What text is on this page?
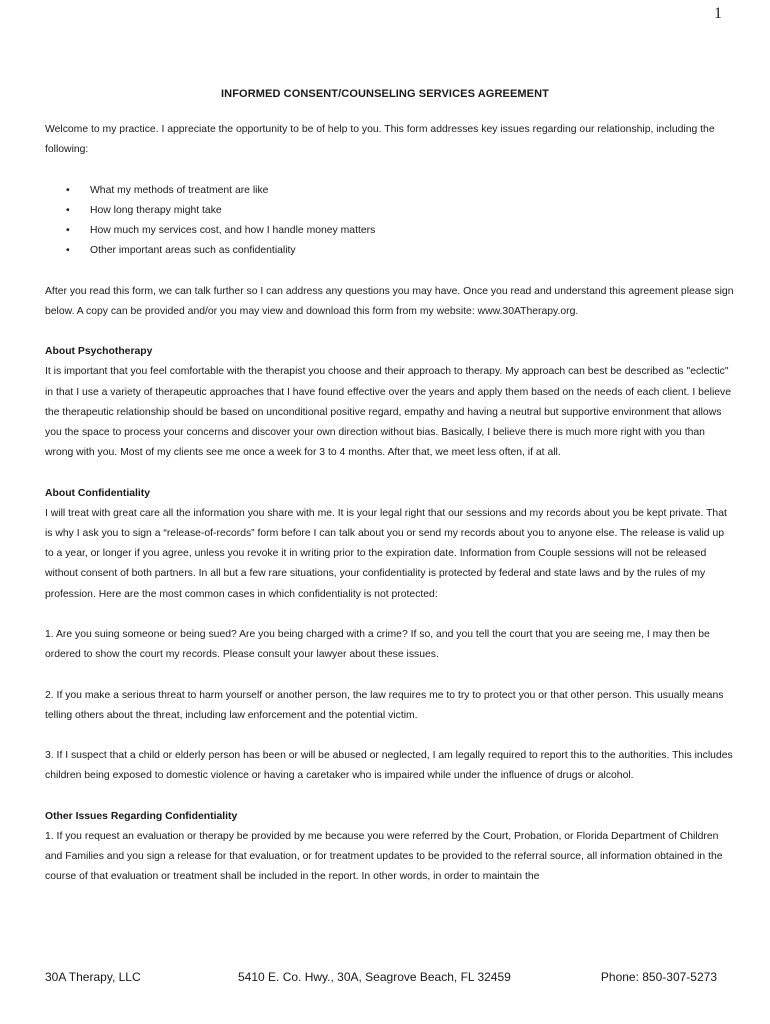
1
INFORMED CONSENT/COUNSELING SERVICES AGREEMENT

Welcome to my practice. I appreciate the opportunity to be of help to you. This form addresses key issues regarding our relationship, including the following:

• What my methods of treatment are like
• How long therapy might take
• How much my services cost, and how I handle money matters
• Other important areas such as confidentiality

After you read this form, we can talk further so I can address any questions you may have. Once you read and understand this agreement please sign below. A copy can be provided and/or you may view and download this form from my website: www.30ATherapy.org.

About Psychotherapy

It is important that you feel comfortable with the therapist you choose and their approach to therapy. My approach can best be described as "eclectic" in that I use a variety of therapeutic approaches that I have found effective over the years and apply them based on the needs of each client. I believe the therapeutic relationship should be based on unconditional positive regard, empathy and having a neutral but supportive environment that allows you the space to process your concerns and discover your own direction without bias. Basically, I believe there is much more right with you than wrong with you. Most of my clients see me once a week for 3 to 4 months. After that, we meet less often, if at all.

About Confidentiality

I will treat with great care all the information you share with me. It is your legal right that our sessions and my records about you be kept private. That is why I ask you to sign a “release-of-records” form before I can talk about you or send my records about you to anyone else. The release is valid up to a year, or longer if you agree, unless you revoke it in writing prior to the expiration date. Information from Couple sessions will not be released without consent of both partners. In all but a few rare situations, your confidentiality is protected by federal and state laws and by the rules of my profession. Here are the most common cases in which confidentiality is not protected:

1. Are you suing someone or being sued? Are you being charged with a crime? If so, and you tell the court that you are seeing me, I may then be ordered to show the court my records. Please consult your lawyer about these issues.

2. If you make a serious threat to harm yourself or another person, the law requires me to try to protect you or that other person. This usually means telling others about the threat, including law enforcement and the potential victim.

3. If I suspect that a child or elderly person has been or will be abused or neglected, I am legally required to report this to the authorities. This includes children being exposed to domestic violence or having a caretaker who is impaired while under the influence of drugs or alcohol.

Other Issues Regarding Confidentiality

1. If you request an evaluation or therapy be provided by me because you were referred by the Court, Probation, or Florida Department of Children and Families and you sign a release for that evaluation, or for treatment updates to be provided to the referral source, all information obtained in the course of that evaluation or treatment shall be included in the report. In other words, in order to maintain the

30A Therapy, LLC	5410 E. Co. Hwy., 30A, Seagrove Beach, FL 32459	Phone: 850-307-5273
